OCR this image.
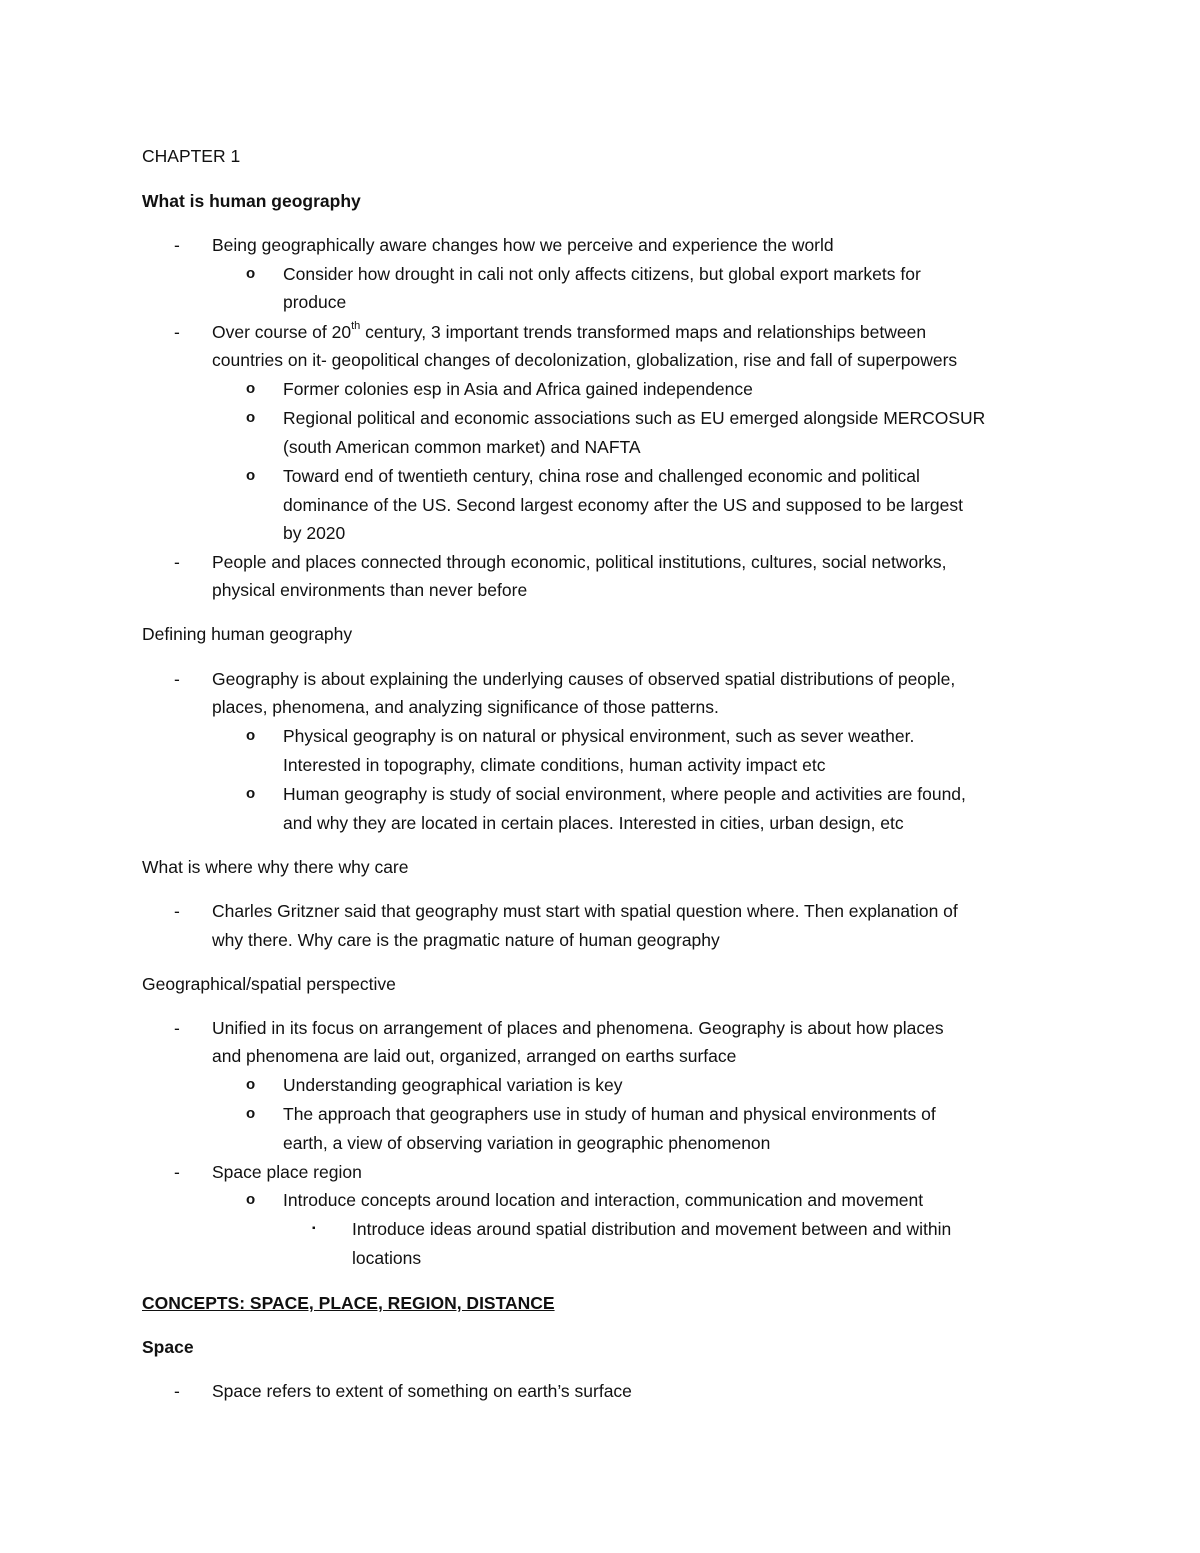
CHAPTER 1
What is human geography
- Being geographically aware changes how we perceive and experience the world
o Consider how drought in cali not only affects citizens, but global export markets for
produce
- Over course of 20th century, 3 important trends transformed maps and relationships between
countries on it- geopolitical changes of decolonization, globalization, rise and fall of superpowers
o Former colonies esp in Asia and Africa gained independence
o Regional political and economic associations such as EU emerged alongside MERCOSUR
(south American common market) and NAFTA
o Toward end of twentieth century, china rose and challenged economic and political
dominance of the US. Second largest economy after the US and supposed to be largest
by 2020
- People and places connected through economic, political institutions, cultures, social networks,
physical environments than never before
Defining human geography
- Geography is about explaining the underlying causes of observed spatial distributions of people,
places, phenomena, and analyzing significance of those patterns.
o Physical geography is on natural or physical environment, such as sever weather.
Interested in topography, climate conditions, human activity impact etc
o Human geography is study of social environment, where people and activities are found,
and why they are located in certain places. Interested in cities, urban design, etc
What is where why there why care
- Charles Gritzner said that geography must start with spatial question where. Then explanation of
why there. Why care is the pragmatic nature of human geography
Geographical/spatial perspective
- Unified in its focus on arrangement of places and phenomena. Geography is about how places
and phenomena are laid out, organized, arranged on earths surface
o Understanding geographical variation is key
o The approach that geographers use in study of human and physical environments of
earth, a view of observing variation in geographic phenomenon
- Space place region
o Introduce concepts around location and interaction, communication and movement
▪ Introduce ideas around spatial distribution and movement between and within
locations
CONCEPTS: SPACE, PLACE, REGION, DISTANCE
Space
- Space refers to extent of something on earth’s surface
